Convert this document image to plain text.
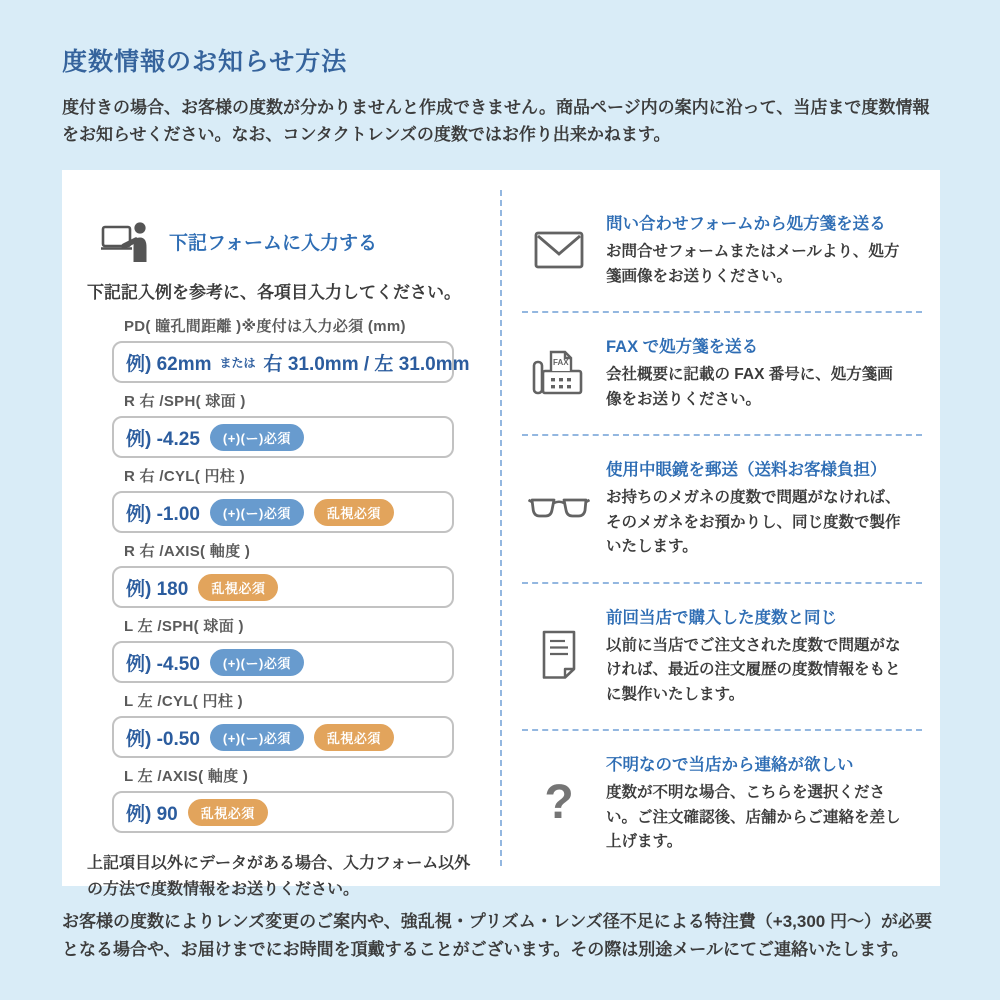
度数情報のお知らせ方法

度付きの場合、お客様の度数が分かりませんと作成できません。商品ページ内の案内に沿って、当店まで度数情報をお知らせください。なお、コンタクトレンズの度数ではお作り出来かねます。

下記フォームに入力する

下記記入例を参考に、各項目入力してください。

PD( 瞳孔間距離 )※度付は入力必須 (mm)
例) 62mm または 右 31.0mm / 左 31.0mm
R 右 /SPH( 球面 )
例) -4.25	(+)(ー)必須
R 右 /CYL( 円柱 )
例) -1.00	(+)(ー)必須	乱視必須
R 右 /AXIS( 軸度 )
例) 180	乱視必須
L 左 /SPH( 球面 )
例) -4.50	(+)(ー)必須
L 左 /CYL( 円柱 )
例) -0.50	(+)(ー)必須	乱視必須
L 左 /AXIS( 軸度 )
例) 90	乱視必須

上記項目以外にデータがある場合、入力フォーム以外の方法で度数情報をお送りください。

問い合わせフォームから処方箋を送る
お問合せフォームまたはメールより、処方箋画像をお送りください。
FAX
FAX で処方箋を送る
会社概要に記載の FAX 番号に、処方箋画像をお送りください。
使用中眼鏡を郵送（送料お客様負担）
お持ちのメガネの度数で問題がなければ、そのメガネをお預かりし、同じ度数で製作いたします。
前回当店で購入した度数と同じ
以前に当店でご注文された度数で問題がなければ、最近の注文履歴の度数情報をもとに製作いたします。
?
不明なので当店から連絡が欲しい
度数が不明な場合、こちらを選択ください。ご注文確認後、店舗からご連絡を差し上げます。

お客様の度数によりレンズ変更のご案内や、強乱視・プリズム・レンズ径不足による特注費（+3,300 円～）が必要となる場合や、お届けまでにお時間を頂戴することがございます。その際は別途メールにてご連絡いたします。
